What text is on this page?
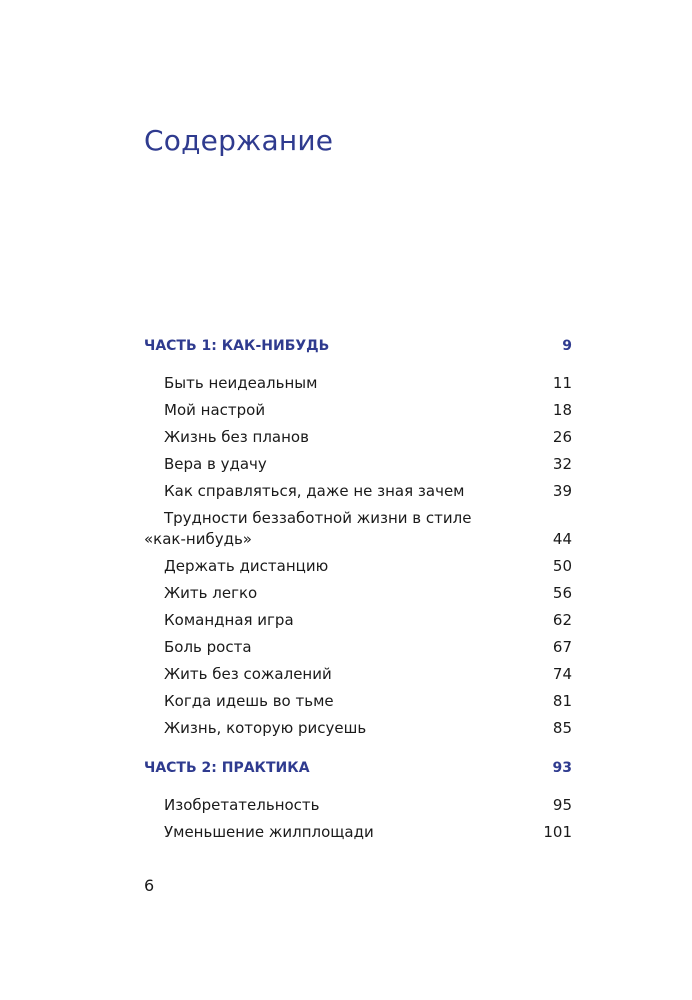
Содержание
ЧАСТЬ 1: КАК-НИБУДЬ	9
Быть неидеальным	11
Мой настрой	18
Жизнь без планов	26
Вера в удачу	32
Как справляться, даже не зная зачем	39
Трудности беззаботной жизни в стиле
«как-нибудь»	44
Держать дистанцию	50
Жить легко	56
Командная игра	62
Боль роста	67
Жить без сожалений	74
Когда идешь во тьме	81
Жизнь, которую рисуешь	85
ЧАСТЬ 2: ПРАКТИКА	93
Изобретательность	95
Уменьшение жилплощади	101
6
